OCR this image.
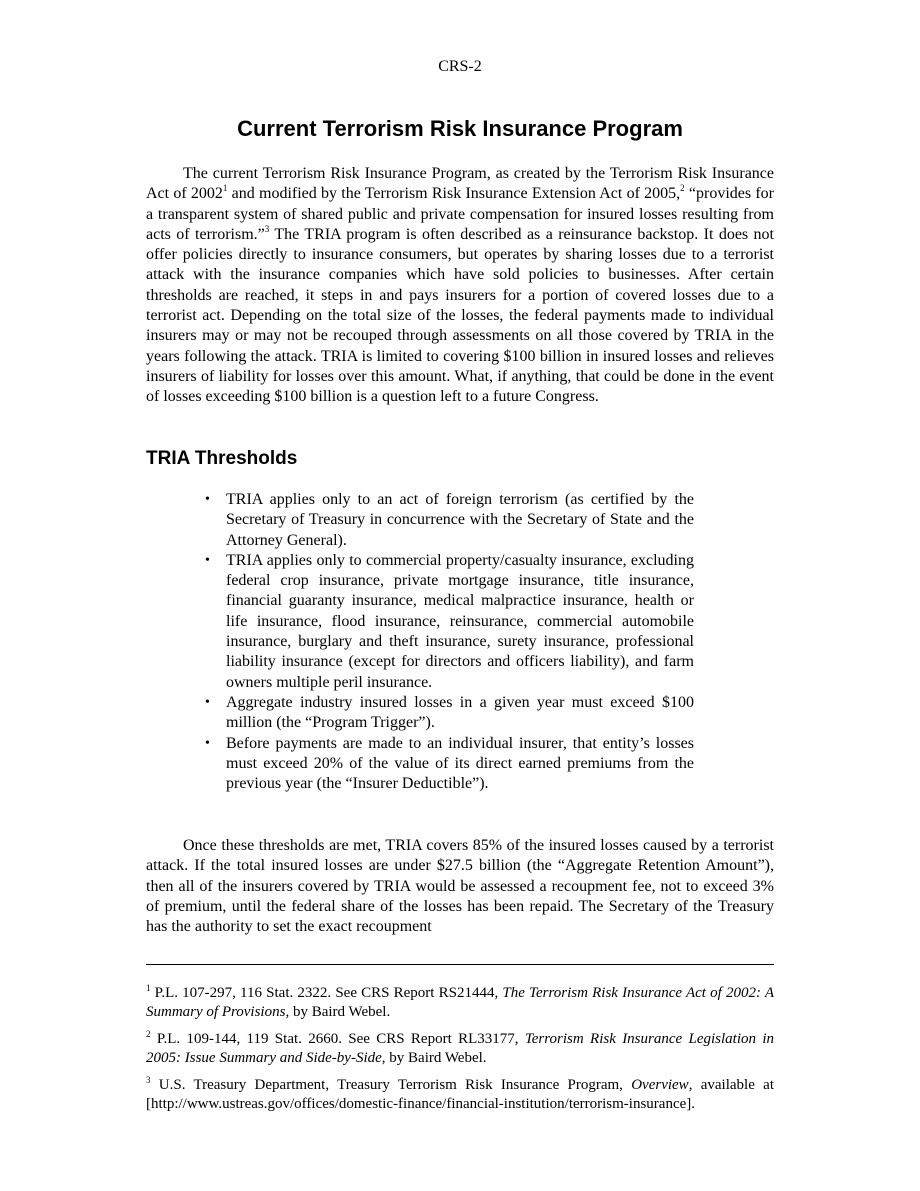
CRS-2
Current Terrorism Risk Insurance Program

The current Terrorism Risk Insurance Program, as created by the Terrorism Risk Insurance Act of 2002$^1$ and modified by the Terrorism Risk Insurance Extension Act of 2005,$^2$ “provides for a transparent system of shared public and private compensation for insured losses resulting from acts of terrorism.”$^3$ The TRIA program is often described as a reinsurance backstop. It does not offer policies directly to insurance consumers, but operates by sharing losses due to a terrorist attack with the insurance companies which have sold policies to businesses. After certain thresholds are reached, it steps in and pays insurers for a portion of covered losses due to a terrorist act. Depending on the total size of the losses, the federal payments made to individual insurers may or may not be recouped through assessments on all those covered by TRIA in the years following the attack. TRIA is limited to covering $100 billion in insured losses and relieves insurers of liability for losses over this amount. What, if anything, that could be done in the event of losses exceeding $100 billion is a question left to a future Congress.

TRIA Thresholds
• TRIA applies only to an act of foreign terrorism (as certified by the Secretary of Treasury in concurrence with the Secretary of State and the Attorney General).
• TRIA applies only to commercial property/casualty insurance, excluding federal crop insurance, private mortgage insurance, title insurance, financial guaranty insurance, medical malpractice insurance, health or life insurance, flood insurance, reinsurance, commercial automobile insurance, burglary and theft insurance, surety insurance, professional liability insurance (except for directors and officers liability), and farm owners multiple peril insurance.
• Aggregate industry insured losses in a given year must exceed $100 million (the “Program Trigger”).
• Before payments are made to an individual insurer, that entity’s losses must exceed 20% of the value of its direct earned premiums from the previous year (the “Insurer Deductible”).

Once these thresholds are met, TRIA covers 85% of the insured losses caused by a terrorist attack. If the total insured losses are under $27.5 billion (the “Aggregate Retention Amount”), then all of the insurers covered by TRIA would be assessed a recoupment fee, not to exceed 3% of premium, until the federal share of the losses has been repaid. The Secretary of the Treasury has the authority to set the exact recoupment

$^1$ P.L. 107-297, 116 Stat. 2322. See CRS Report RS21444, The Terrorism Risk Insurance Act of 2002: A Summary of Provisions, by Baird Webel.

$^2$ P.L. 109-144, 119 Stat. 2660. See CRS Report RL33177, Terrorism Risk Insurance Legislation in 2005: Issue Summary and Side-by-Side, by Baird Webel.

$^3$ U.S. Treasury Department, Treasury Terrorism Risk Insurance Program, Overview, available at [http://www.ustreas.gov/offices/domestic-finance/financial-institution/terrorism-insurance].
